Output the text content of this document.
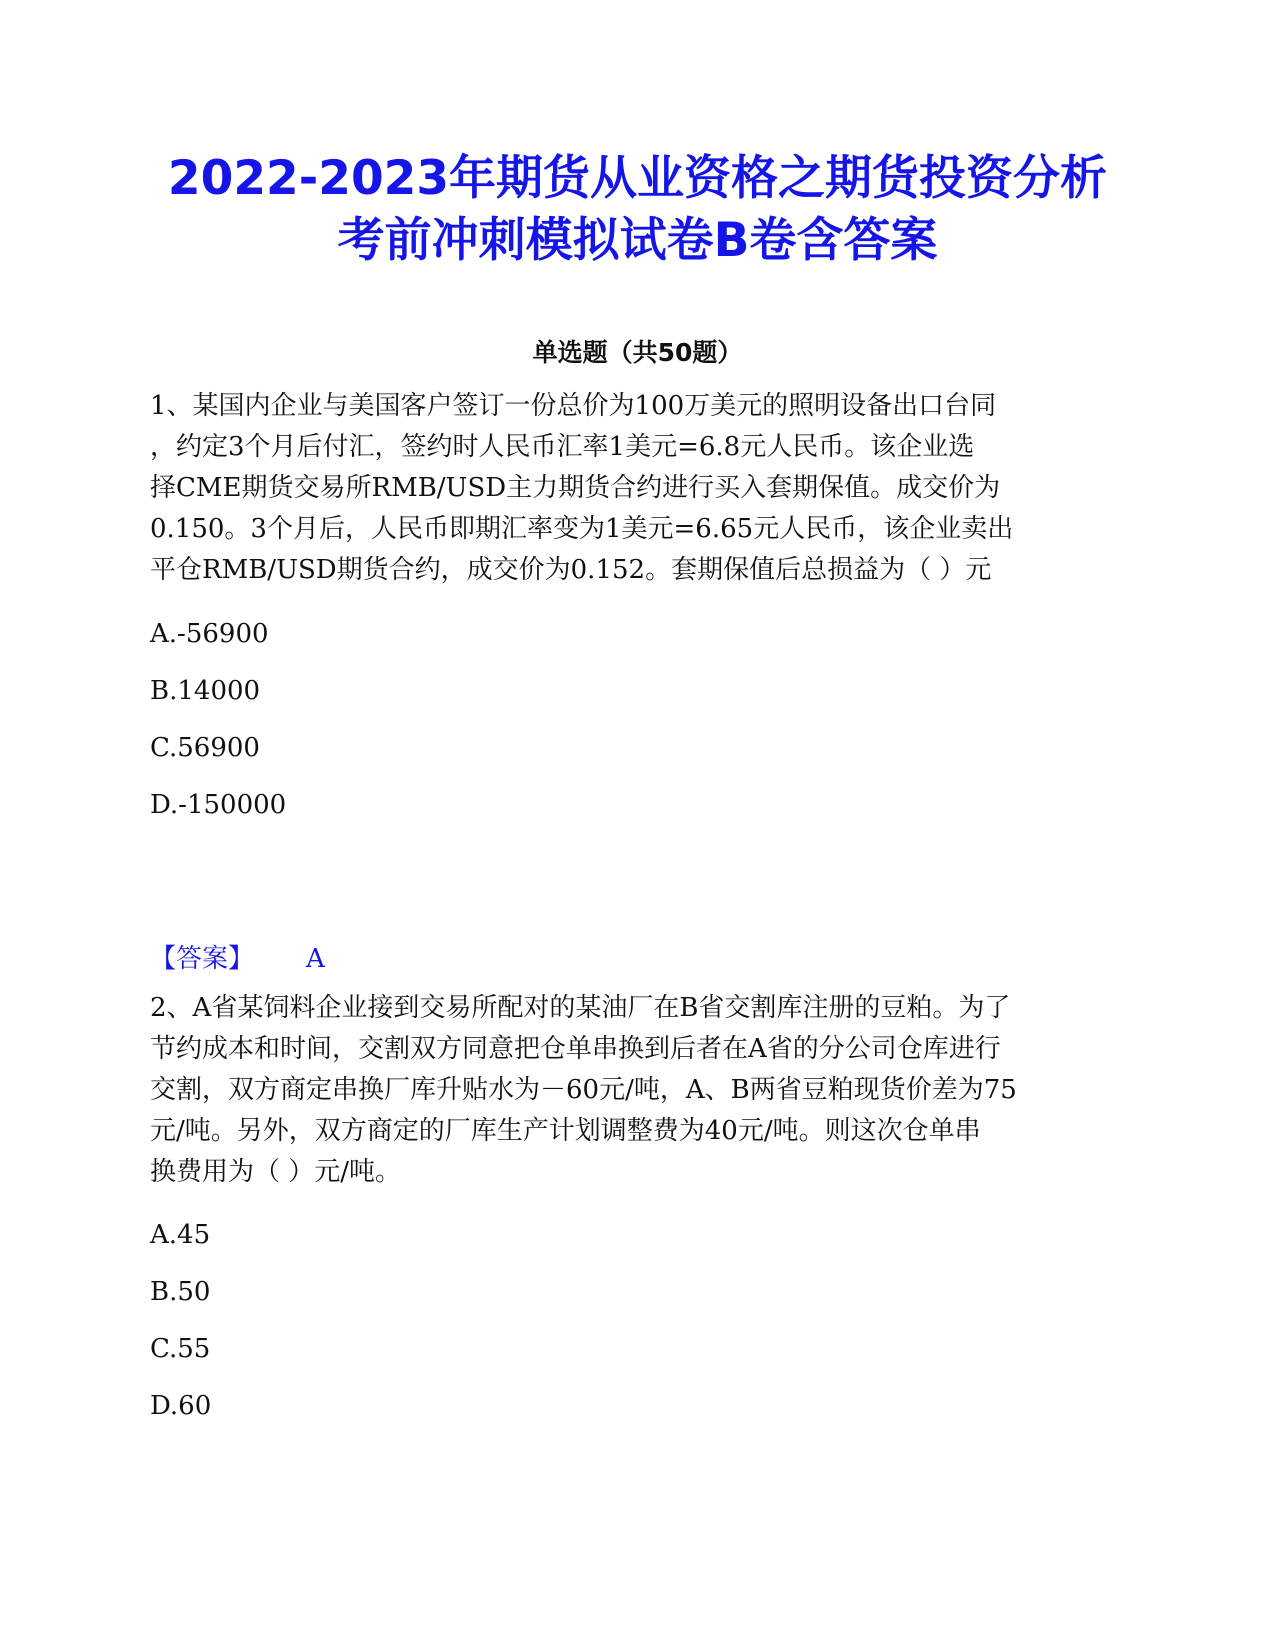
2022-2023年期货从业资格之期货投资分析
考前冲刺模拟试卷B卷含答案
单选题（共50题）
1、某国内企业与美国客户签订一份总价为100万美元的照明设备出口台同
，约定3个月后付汇，签约时人民币汇率1美元=6.8元人民币。该企业选
择CME期货交易所RMB/USD主力期货合约进行买入套期保值。成交价为
0.150。3个月后，人民币即期汇率变为1美元=6.65元人民币，该企业卖出
平仓RMB/USD期货合约，成交价为0.152。套期保值后总损益为（ ）元

A.-56900

B.14000

C.56900

D.-150000

【答案】 A

2、A省某饲料企业接到交易所配对的某油厂在B省交割库注册的豆粕。为了
节约成本和时间，交割双方同意把仓单串换到后者在A省的分公司仓库进行
交割，双方商定串换厂库升贴水为－60元/吨，A、B两省豆粕现货价差为75
元/吨。另外，双方商定的厂库生产计划调整费为40元/吨。则这次仓单串
换费用为（ ）元/吨。

A.45

B.50

C.55

D.60
